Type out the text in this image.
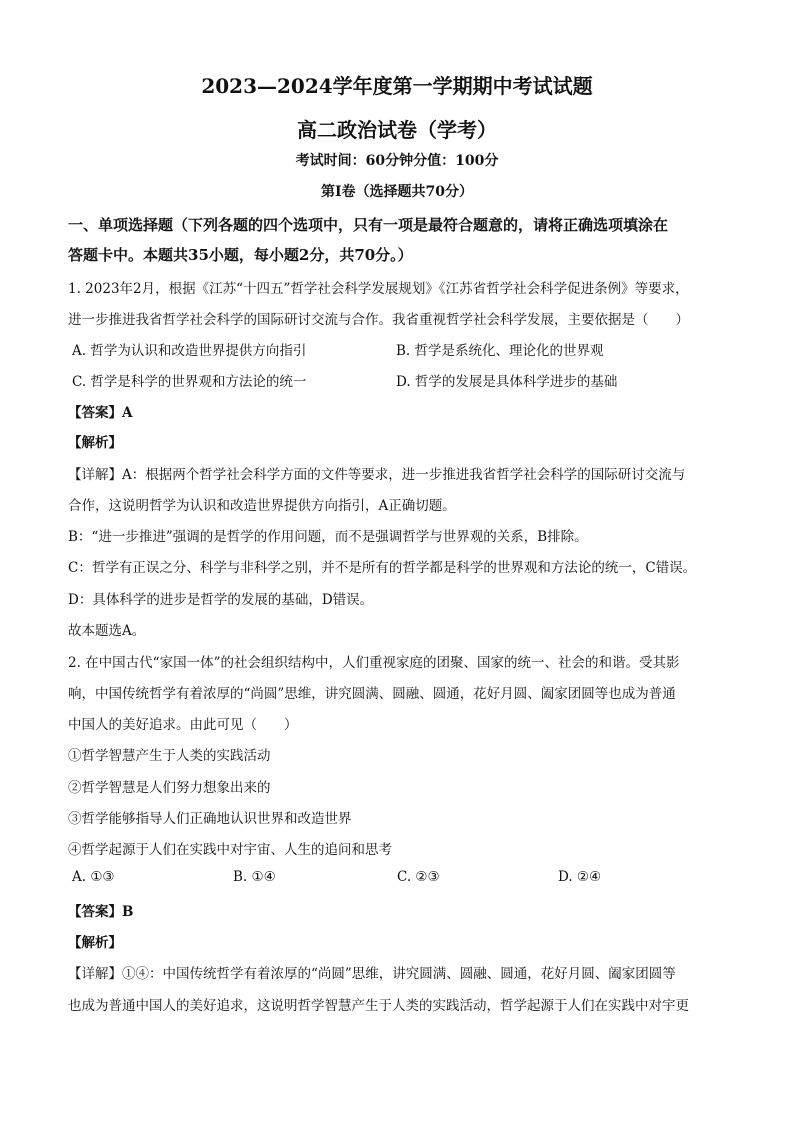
2023—2024学年度第一学期期中考试试题
高二政治试卷（学考）
考试时间：60分钟分值：100分
第Ⅰ卷（选择题共70分）
一、单项选择题（下列各题的四个选项中，只有一项是最符合题意的，请将正确选项填涂在
答题卡中。本题共35小题，每小题2分，共70分。）
1. 2023年2月，根据《江苏“十四五”哲学社会科学发展规划》《江苏省哲学社会科学促进条例》等要求，
进一步推进我省哲学社会科学的国际研讨交流与合作。我省重视哲学社会科学发展，主要依据是（　　）
A. 哲学为认识和改造世界提供方向指引	B. 哲学是系统化、理论化的世界观
C. 哲学是科学的世界观和方法论的统一	D. 哲学的发展是具体科学进步的基础
【答案】A
【解析】
【详解】A：根据两个哲学社会科学方面的文件等要求，进一步推进我省哲学社会科学的国际研讨交流与
合作，这说明哲学为认识和改造世界提供方向指引，A正确切题。
B：“进一步推进”强调的是哲学的作用问题，而不是强调哲学与世界观的关系，B排除。
C：哲学有正误之分、科学与非科学之别，并不是所有的哲学都是科学的世界观和方法论的统一，C错误。
D：具体科学的进步是哲学的发展的基础，D错误。
故本题选A。
2. 在中国古代“家国一体”的社会组织结构中，人们重视家庭的团聚、国家的统一、社会的和谐。受其影
响，中国传统哲学有着浓厚的“尚圆”思维，讲究圆满、圆融、圆通，花好月圆、阖家团圆等也成为普通
中国人的美好追求。由此可见（　　）
①哲学智慧产生于人类的实践活动
②哲学智慧是人们努力想象出来的
③哲学能够指导人们正确地认识世界和改造世界
④哲学起源于人们在实践中对宇宙、人生的追问和思考
A. ①③	B. ①④	C. ②③	D. ②④
【答案】B
【解析】
【详解】①④：中国传统哲学有着浓厚的“尚圆”思维，讲究圆满、圆融、圆通，花好月圆、阖家团圆等
也成为普通中国人的美好追求，这说明哲学智慧产生于人类的实践活动，哲学起源于人们在实践中对宇更
